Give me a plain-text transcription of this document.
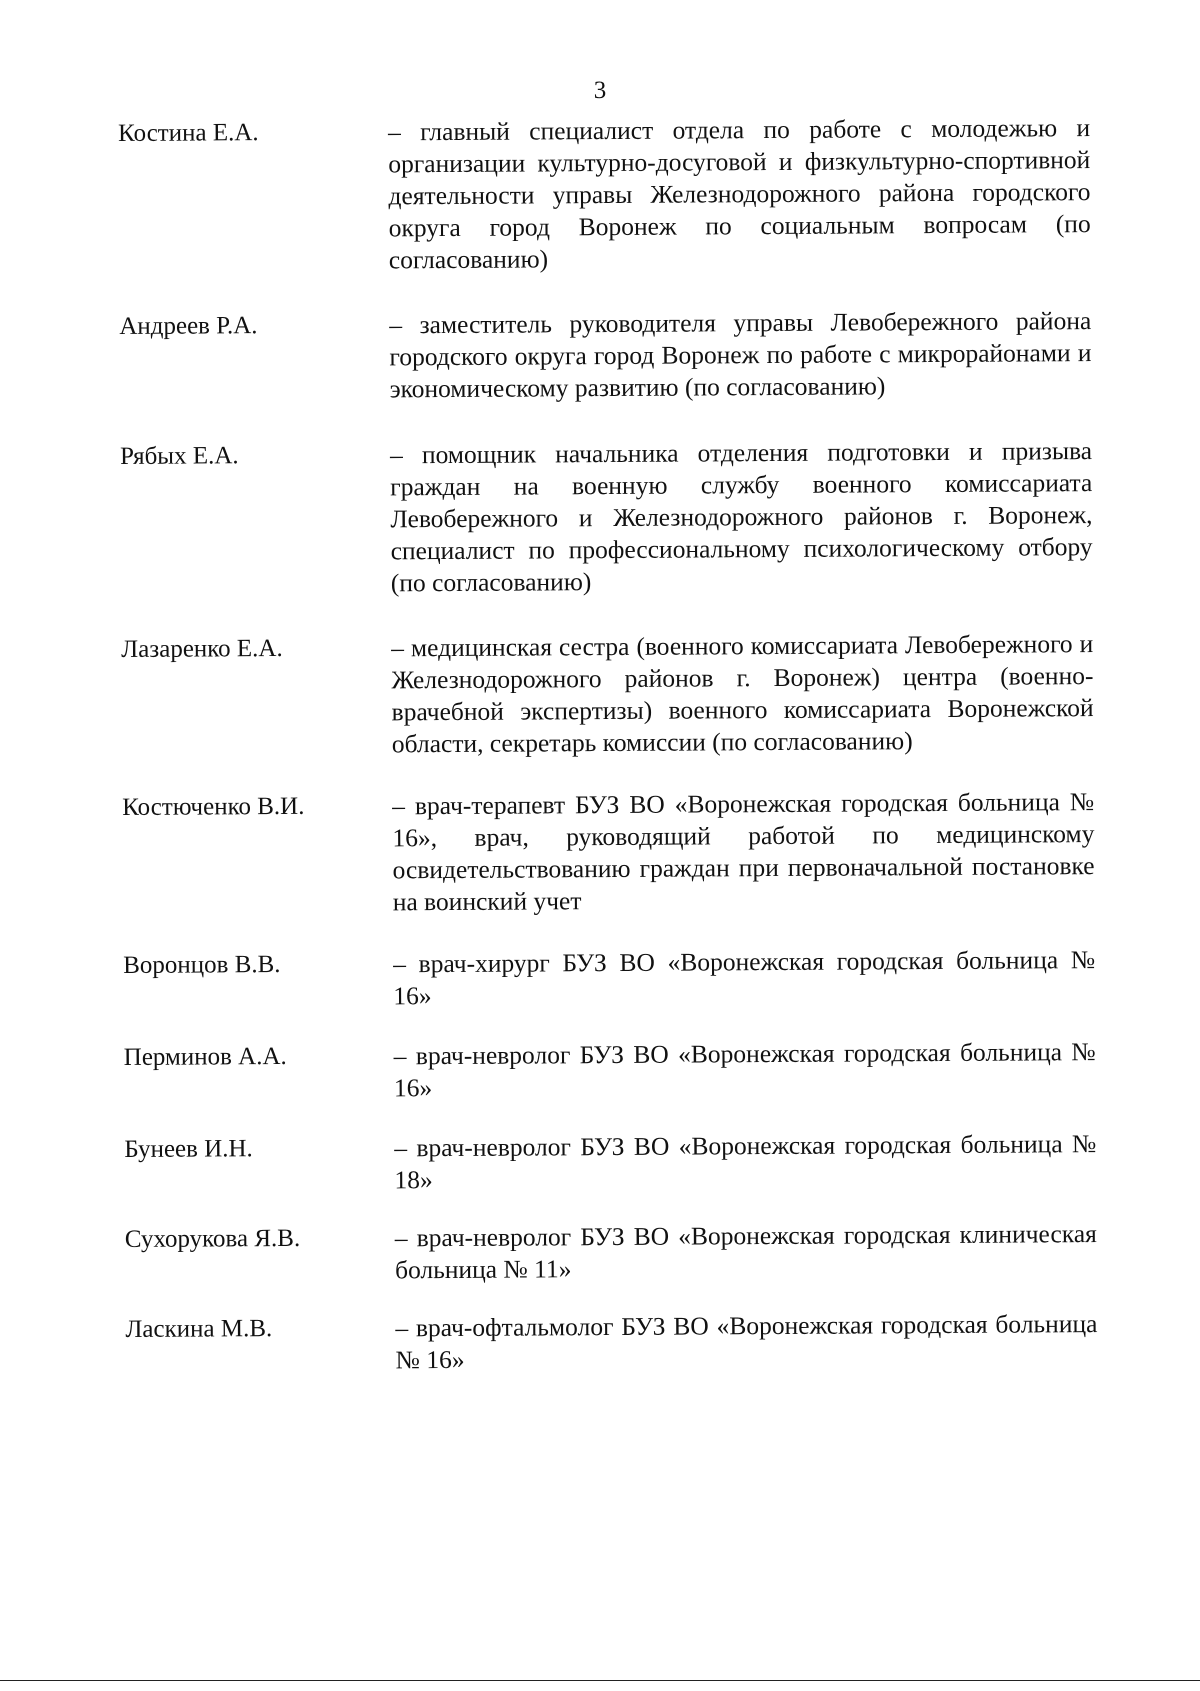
3
Костина Е.А.	– главный специалист отдела по работе с молодежью и организации культурно-досуговой и физкультурно-спортивной деятельности управы Железнодорожного района городского округа город Воронеж по социальным вопросам (по согласованию)
Андреев Р.А.	– заместитель руководителя управы Левобережного района городского округа город Воронеж по работе с микрорайонами и экономическому развитию (по согласованию)
Рябых Е.А.	– помощник начальника отделения подготовки и призыва граждан на военную службу военного комиссариата Левобережного и Железнодорожного районов г. Воронеж, специалист по профессиональному психологическому отбору (по согласованию)
Лазаренко Е.А.	– медицинская сестра (военного комиссариата Левобережного и Железнодорожного районов г. Воронеж) центра (военно-врачебной экспертизы) военного комиссариата Воронежской области, секретарь комиссии (по согласованию)
Костюченко В.И.	– врач-терапевт БУЗ ВО «Воронежская городская больница № 16», врач, руководящий работой по медицинскому освидетельствованию граждан при первоначальной постановке на воинский учет
Воронцов В.В.	– врач-хирург БУЗ ВО «Воронежская городская больница № 16»
Перминов А.А.	– врач-невролог БУЗ ВО «Воронежская городская больница № 16»
Бунеев И.Н.	– врач-невролог БУЗ ВО «Воронежская городская больница № 18»
Сухорукова Я.В.	– врач-невролог БУЗ ВО «Воронежская городская клиническая больница № 11»
Ласкина М.В.	– врач-офтальмолог БУЗ ВО «Воронежская городская больница № 16»
